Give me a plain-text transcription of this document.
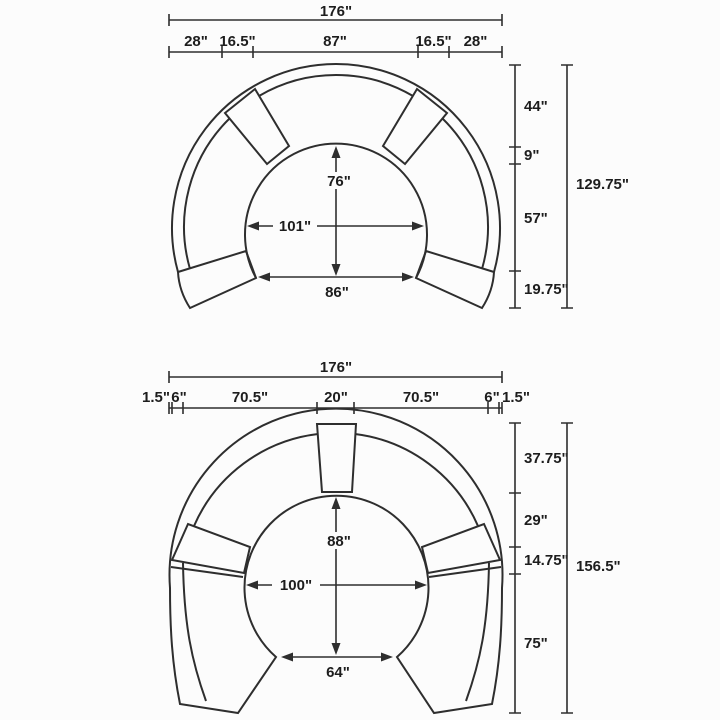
176"
28" 16.5"	87"	16.5" 28"
44"
9"
57"
19.75"
129.75"
76"
101"
86"
176"
1.5" 6"	70.5"	20"	70.5"	6" 1.5"
37.75"
29"
14.75"
75"
156.5"
88"
100"
64"
